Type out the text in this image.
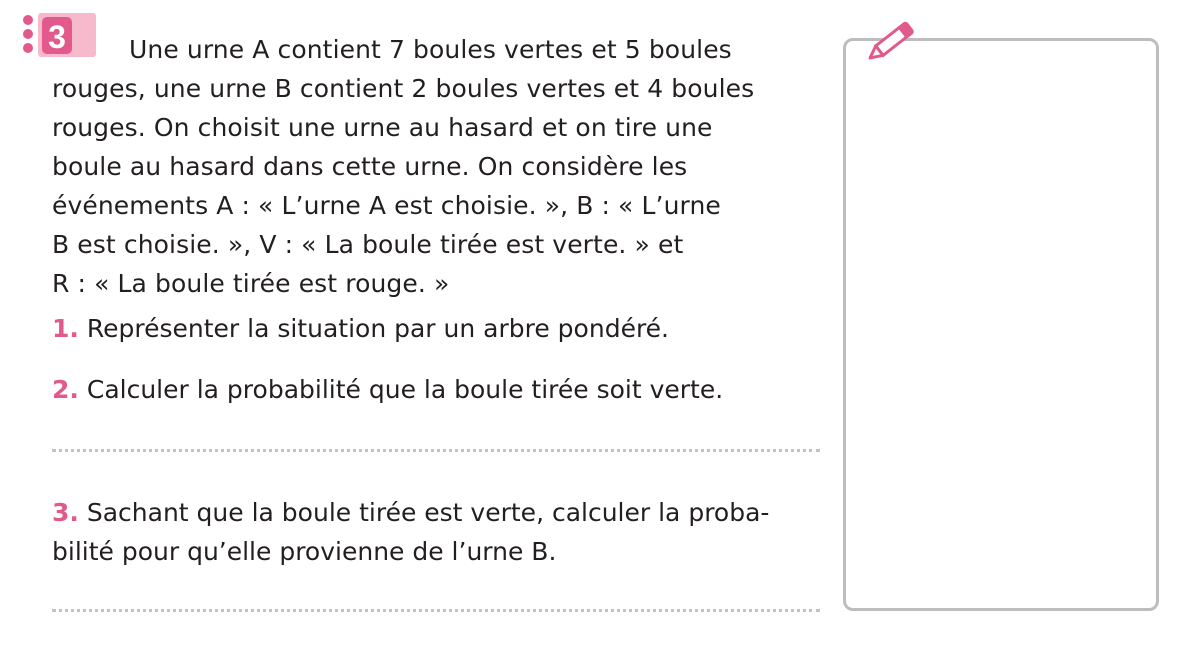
3	Une urne A contient 7 boules vertes et 5 boules
rouges, une urne B contient 2 boules vertes et 4 boules
rouges. On choisit une urne au hasard et on tire une
boule au hasard dans cette urne. On considère les
événements A : « L’urne A est choisie. », B : « L’urne
B est choisie. », V : « La boule tirée est verte. » et
R : « La boule tirée est rouge. »
1. Représenter la situation par un arbre pondéré.
2. Calculer la probabilité que la boule tirée soit verte.
3. Sachant que la boule tirée est verte, calculer la proba-
bilité pour qu’elle provienne de l’urne B.
